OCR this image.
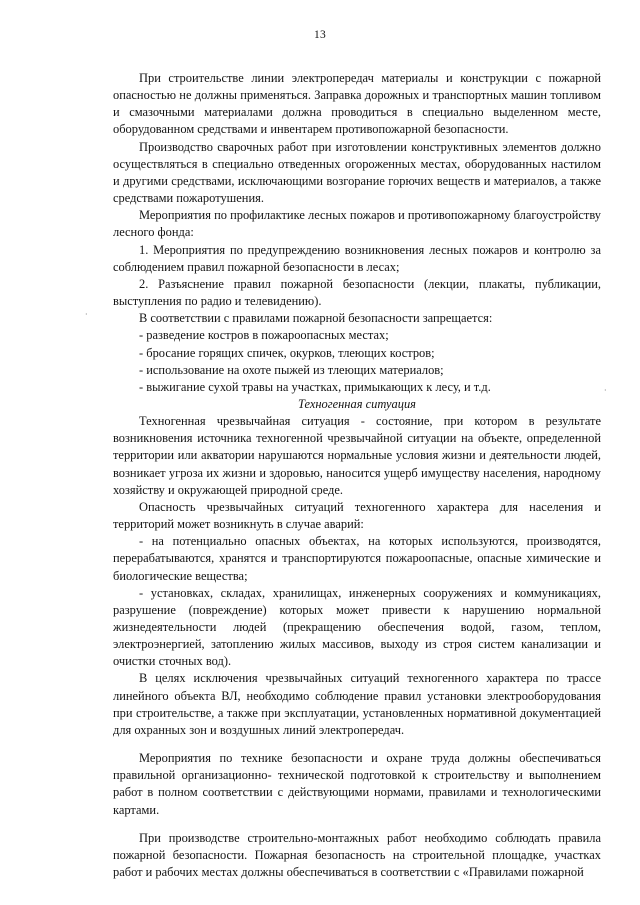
13
·
·

При строительстве линии электропередач материалы и конструкции с пожарной опасностью не должны применяться. Заправка дорожных и транспортных машин топливом и смазочными материалами должна проводиться в специально выделенном месте, оборудованном средствами и инвентарем противопожарной безопасности.

Производство сварочных работ при изготовлении конструктивных элементов должно осуществляться в специально отведенных огороженных местах, оборудованных настилом и другими средствами, исключающими возгорание горючих веществ и материалов, а также средствами пожаротушения.

Мероприятия по профилактике лесных пожаров и противопожарному благоустройству лесного фонда:

1. Мероприятия по предупреждению возникновения лесных пожаров и контролю за соблюдением правил пожарной безопасности в лесах;

2. Разъяснение правил пожарной безопасности (лекции, плакаты, публикации, выступления по радио и телевидению).

В соответствии с правилами пожарной безопасности запрещается:

- разведение костров в пожароопасных местах;

- бросание горящих спичек, окурков, тлеющих костров;

- использование на охоте пыжей из тлеющих материалов;

- выжигание сухой травы на участках, примыкающих к лесу, и т.д.

Техногенная ситуация

Техногенная чрезвычайная ситуация - состояние, при котором в результате возникновения источника техногенной чрезвычайной ситуации на объекте, определенной территории или акватории нарушаются нормальные условия жизни и деятельности людей, возникает угроза их жизни и здоровью, наносится ущерб имуществу населения, народному хозяйству и окружающей природной среде.

Опасность чрезвычайных ситуаций техногенного характера для населения и территорий может возникнуть в случае аварий:

- на потенциально опасных объектах, на которых используются, производятся, перерабатываются, хранятся и транспортируются пожароопасные, опасные химические и биологические вещества;

- установках, складах, хранилищах, инженерных сооружениях и коммуникациях, разрушение (повреждение) которых может привести к нарушению нормальной жизнедеятельности людей (прекращению обеспечения водой, газом, теплом, электроэнергией, затоплению жилых массивов, выходу из строя систем канализации и очистки сточных вод).

В целях исключения чрезвычайных ситуаций техногенного характера по трассе линейного объекта ВЛ, необходимо соблюдение правил установки электрооборудования при строительстве, а также при эксплуатации, установленных нормативной документацией для охранных зон и воздушных линий электропередач.

Мероприятия по технике безопасности и охране труда должны обеспечиваться правильной организационно- технической подготовкой к строительству и выполнением работ в полном соответствии с действующими нормами, правилами и технологическими картами.

При производстве строительно-монтажных работ необходимо соблюдать правила пожарной безопасности. Пожарная безопасность на строительной площадке, участках работ и рабочих местах должны обеспечиваться в соответствии с «Правилами пожарной
